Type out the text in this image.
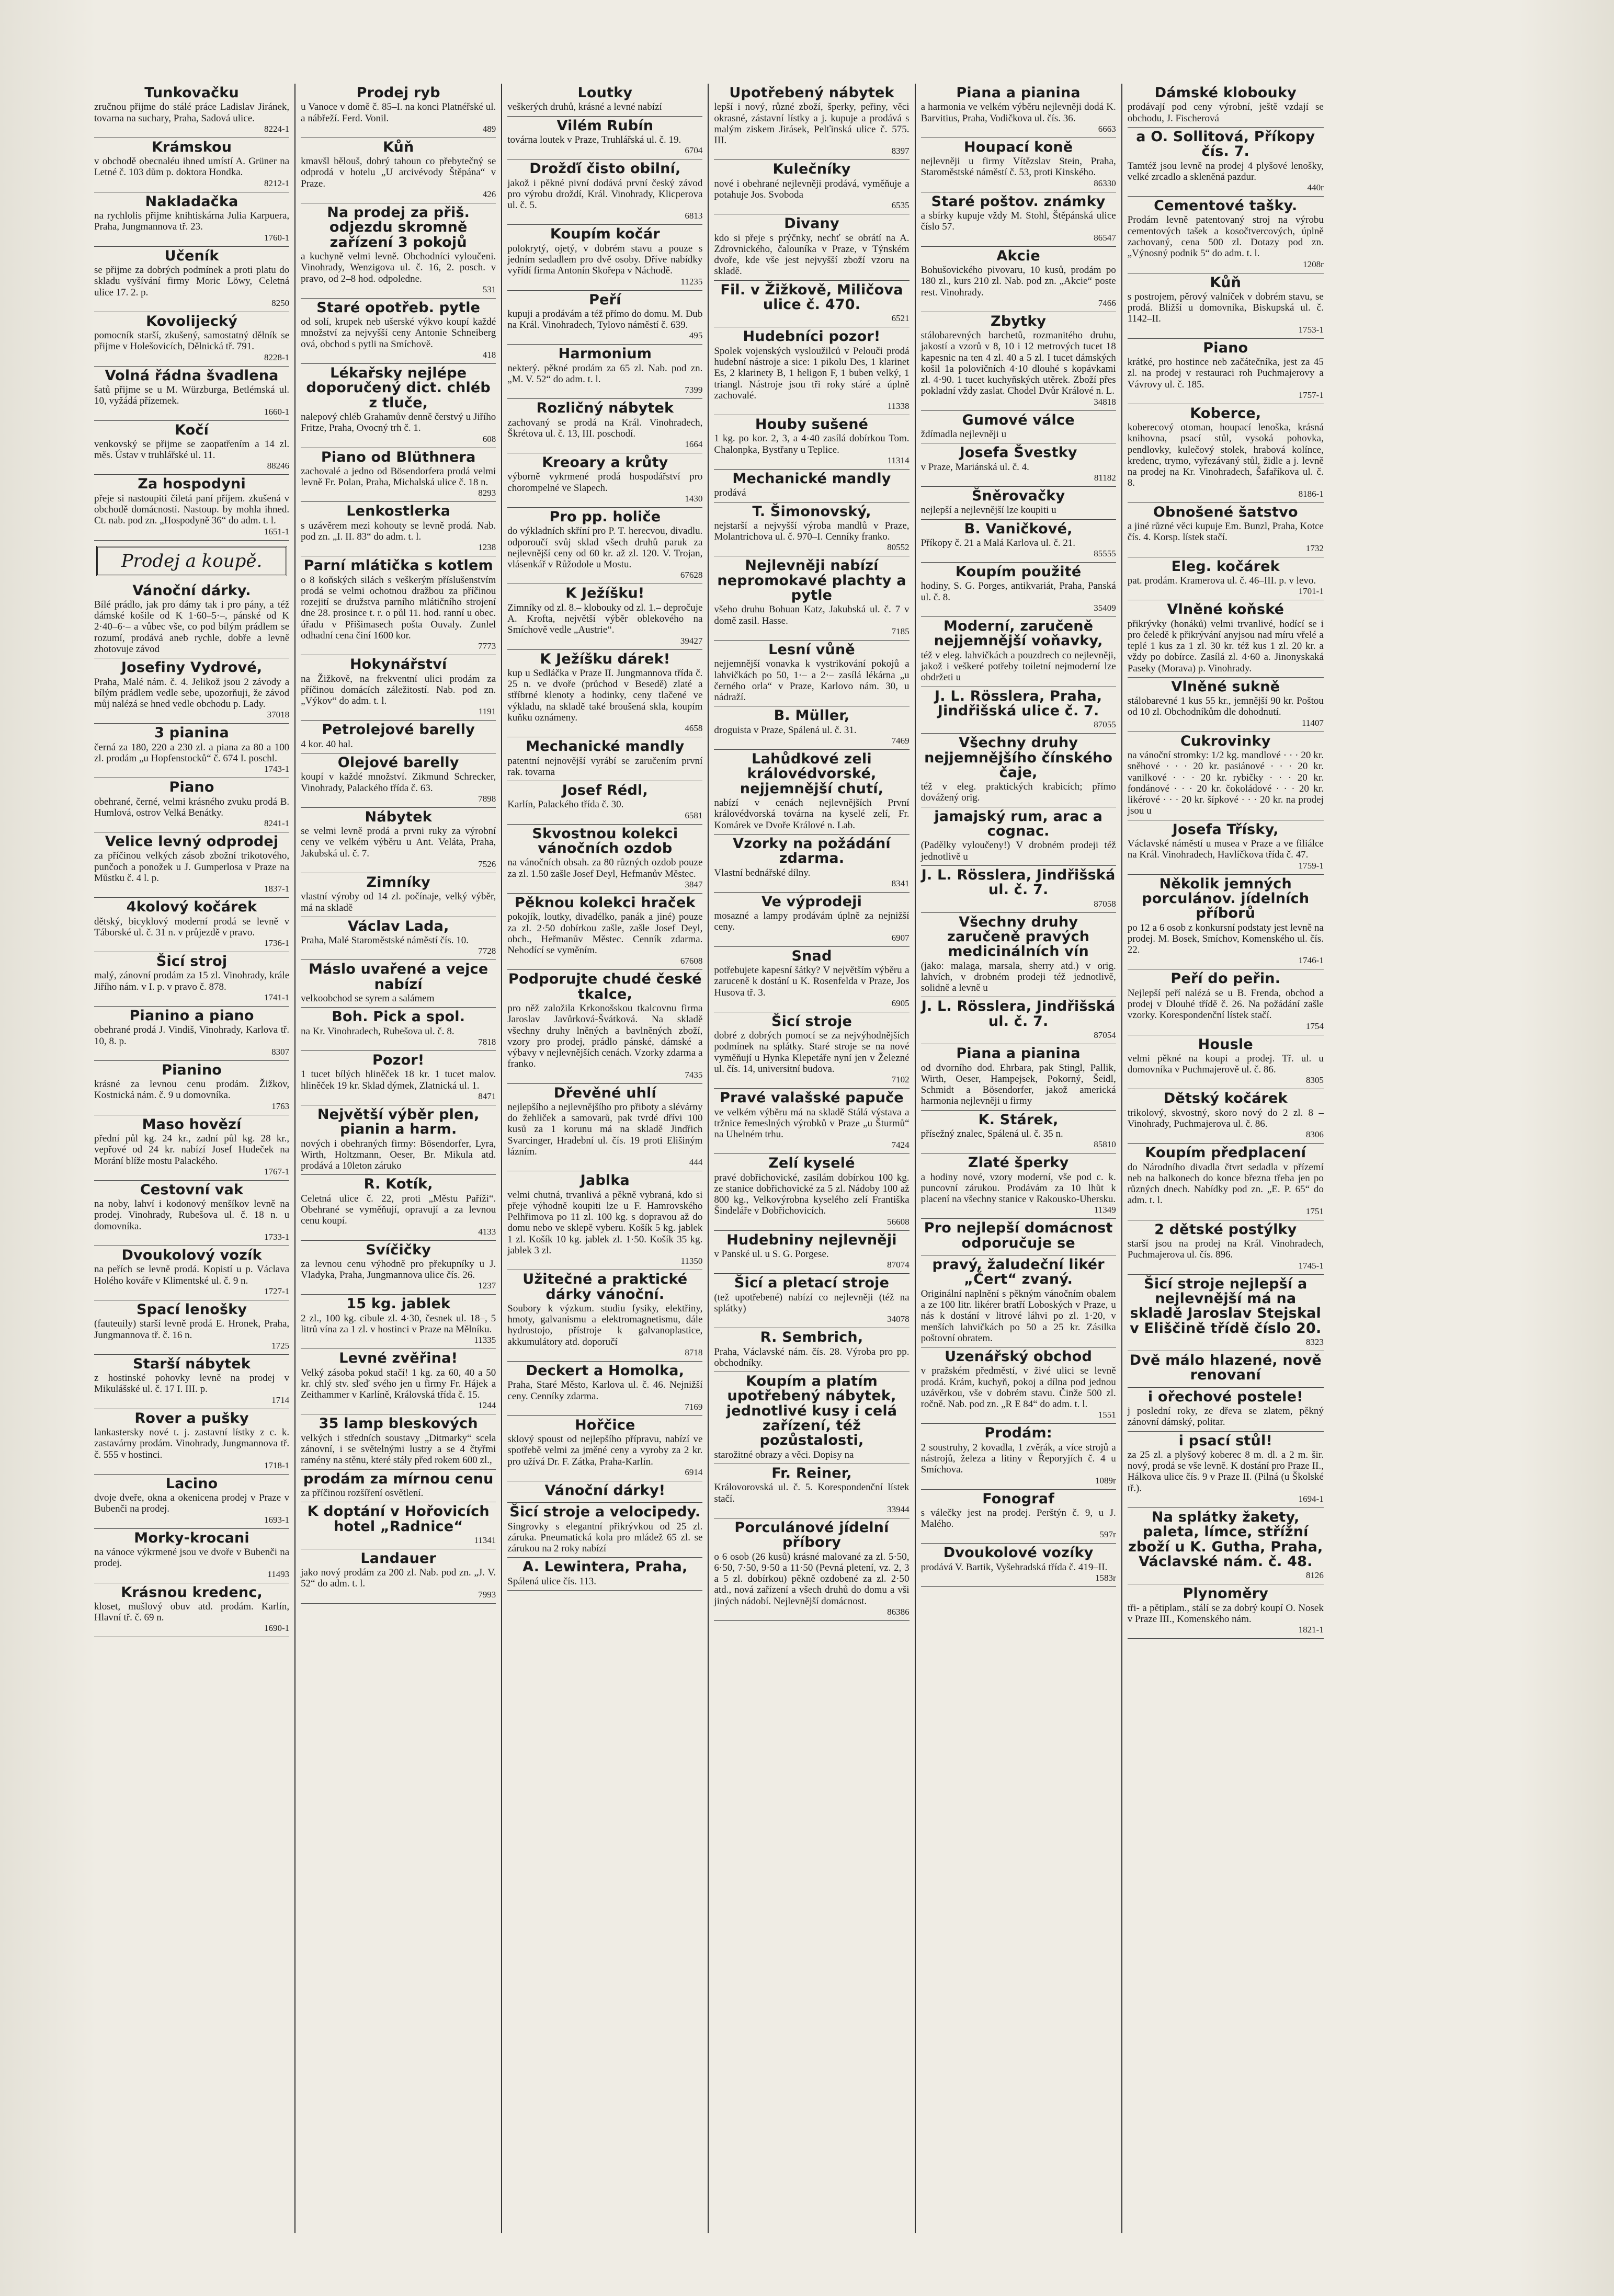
Tunkovačku

zručnou přijme do stálé práce Ladislav Jiránek, tovarna na suchary, Praha, Sadová ulice.

8224-1
Krámskou

v obchodě obecnaléu ihned umístí A. Grüner na Letné č. 103 dům p. doktora Hondka.

8212-1
Nakladačka

na rychlolis přijme knihtiskárna Julia Karpuera, Praha, Jungmannova tř. 23.

1760-1
Učeník

se přijme za dobrých podmínek a proti platu do skladu vyšívání firmy Moric Löwy, Celetná ulice 17. 2. p.

8250
Kovolijecký

pomocník starší, zkušený, samostatný dělník se přijme v Holešovicích, Dělnická tř. 791.

8228-1
Volná řádna švadlena

šatů přijme se u M. Würzburga, Betlémská ul. 10, vyžádá přízemek.

1660-1
Kočí

venkovský se přijme se zaopatřením a 14 zl. měs. Ústav v truhlářské ul. 11.

88246
Za hospodyni

přeje si nastoupiti čiletá paní příjem. zkušená v obchodě domácnosti. Nastoup. by mohla ihned. Ct. nab. pod zn. „Hospodyně 36“ do adm. t. l.

1651-1
Prodej a koupě.
Vánoční dárky.

Bílé prádlo, jak pro dámy tak i pro pány, a též dámské košile od K 1·60–5·–, pánské od K 2·40–6·– a vůbec vše, co pod bílým prádlem se rozumí, prodává aneb rychle, dobře a levně zhotovuje závod

Josefiny Vydrové,

Praha, Malé nám. č. 4. Jelikož jsou 2 závody a bílým prádlem vedle sebe, upozorňuji, že závod můj nalézá se hned vedle obchodu p. Lady.

37018
3 pianina

černá za 180, 220 a 230 zl. a piana za 80 a 100 zl. prodám „u Hopfenstocků“ č. 674 I. poschl.

1743-1
Piano

obehrané, černé, velmi krásného zvuku prodá B. Humlová, ostrov Velká Benátky.

8241-1
Velice levný odprodej

za příčinou velkých zásob zbožní trikotového, punčoch a ponožek u J. Gumperlosa v Praze na Můstku č. 4 l. p.

1837-1
4kolový kočárek

dětský, bicyklový moderní prodá se levně v Táborské ul. č. 31 n. v průjezdě v pravo.

1736-1
Šicí stroj

malý, zánovní prodám za 15 zl. Vinohrady, krále Jiřího nám. v I. p. v pravo č. 878.

1741-1
Pianino a piano

obehrané prodá J. Vindiš, Vinohrady, Karlova tř. 10, 8. p.

8307
Pianino

krásné za levnou cenu prodám. Žižkov, Kostnická nám. č. 9 u domovníka.

1763
Maso hovězí

přední půl kg. 24 kr., zadní půl kg. 28 kr., vepřové od 24 kr. nabízí Josef Hudeček na Morání blíže mostu Palackého.

1767-1
Cestovní vak

na noby, lahví i kodonový menšíkov levně na prodej. Vinohrady, Rubešova ul. č. 18 n. u domovníka.

1733-1
Dvoukolový vozík

na peřích se levně prodá. Kopistí u p. Václava Holého kováře v Klimentské ul. č. 9 n.

1727-1
Spací lenošky

(fauteuily) starší levně prodá E. Hronek, Praha, Jungmannova tř. č. 16 n.

1725
Starší nábytek

z hostinské pohovky levně na prodej v Mikulášské ul. č. 17 I. III. p.

1714
Rover a pušky

lankastersky nové t. j. zastavní lístky z c. k. zastavárny prodám. Vinohrady, Jungmannova tř. č. 555 v hostinci.

1718-1
Lacino

dvoje dveře, okna a okenicena prodej v Praze v Bubenči na prodej.

1693-1
Morky-krocani

na vánoce výkrmené jsou ve dvoře v Bubenči na prodej.

11493
Krásnou kredenc,

kloset, mušlový obuv atd. prodám. Karlín, Hlavní tř. č. 69 n.

1690-1
Prodej ryb

u Vanoce v domě č. 85–I. na konci Platnéřské ul. a nábřeží. Ferd. Vonil.

489
Kůň

kmavšl bělouš, dobrý tahoun co přebytečný se odprodá v hotelu „U arcivévody Štěpána“ v Praze.

426
Na prodej za přiš. odjezdu skromně zařízení 3 pokojů

a kuchyně velmi levně. Obchodníci vyloučeni. Vinohrady, Wenzigova ul. č. 16, 2. posch. v pravo, od 2–8 hod. odpoledne.

531
Staré opotřeb. pytle

od solí, krupek neb ušerské výkvo koupí každé množství za nejvyšší ceny Antonie Schneiberg ová, obchod s pytli na Smíchově.

418
Lékařsky nejlépe doporučený dict. chléb z tluče,

nalepový chléb Grahamův denně čerstvý u Jiřího Fritze, Praha, Ovocný trh č. 1.

608
Piano od Blüthnera

zachovalé a jedno od Bösendorfera prodá velmi levně Fr. Polan, Praha, Michalská ulice č. 18 n.

8293
Lenkostlerka

s uzávěrem mezi kohouty se levně prodá. Nab. pod zn. „I. II. 83“ do adm. t. l.

1238
Parní mlátička s kotlem

o 8 koňských silách s veškerým příslušenstvím prodá se velmi ochotnou dražbou za příčinou rozejití se družstva parního mlátičního strojení dne 28. prosince t. r. o půl 11. hod. ranní u obec. úřadu v Přišimasech pošta Ouvaly. Zunlel odhadní cena činí 1600 kor.

7773
Hokynářství

na Žižkově, na frekventní ulici prodám za příčinou domácích záležitostí. Nab. pod zn. „Výkov“ do adm. t. l.

1191
Petrolejové barelly

4 kor. 40 hal.

Olejové barelly

koupí v každé množství. Zikmund Schrecker, Vinohrady, Palackého třída č. 63.

7898
Nábytek

se velmi levně prodá a prvni ruky za výrobní ceny ve velkém výběru u Ant. Veláta, Praha, Jakubská ul. č. 7.

7526
Zimníky

vlastní výroby od 14 zl. počínaje, velký výběr, má na skladě

Václav Lada,

Praha, Malé Staroměstské náměstí čís. 10.

7728
Máslo uvařené a vejce nabízí

velkoobchod se syrem a salámem

Boh. Pick a spol.

na Kr. Vinohradech, Rubešova ul. č. 8.

7818
Pozor!

1 tucet bílých hliněček 18 kr. 1 tucet malov. hliněček 19 kr. Sklad dýmek, Zlatnická ul. 1.

8471
Největší výběr plen, pianin a harm.

nových i obehraných firmy: Bösendorfer, Lyra, Wirth, Holtzmann, Oeser, Br. Mikula atd. prodává a 10leton záruko

R. Kotík,

Celetná ulice č. 22, proti „Městu Paříži“. Obehrané se vyměňují, opravují a za levnou cenu koupí.

4133
Svíčičky

za levnou cenu výhodně pro překupníky u J. Vladyka, Praha, Jungmannova ulice čís. 26.

1237
15 kg. jablek

2 zl., 100 kg. cibule zl. 4·30, česnek ul. 18–, 5 litrů vína za 1 zl. v hostinci v Praze na Mělníku.

11335
Levné zvěřina!

Velký zásoba pokud stačí! 1 kg. za 60, 40 a 50 kr. chlý stv. sleď svého jen u firmy Fr. Hájek a Zeithammer v Karlíně, Královská třída č. 15.

1244
35 lamp bleskových

velkých i středních soustavy „Ditmarky“ scela zánovní, i se světelnými lustry a se 4 čtyřmi ramény na stěnu, které stály před rokem 600 zl.,

prodám za mírnou cenu

za příčinou rozšíření osvětlení.

K doptání v Hořovicích hotel „Radnice“

11341
Landauer

jako nový prodám za 200 zl. Nab. pod zn. „J. V. 52“ do adm. t. l.

7993
Loutky

veškerých druhů, krásné a levné nabízí

Vilém Rubín

továrna loutek v Praze, Truhlářská ul. č. 19.

6704
Drožďí čisto obilní,

jakož i pěkné pivní dodává první český závod pro výrobu droždí, Král. Vinohrady, Klicperova ul. č. 5.

6813
Koupím kočár

polokrytý, ojetý, v dobrém stavu a pouze s jedním sedadlem pro dvě osoby. Dříve nabídky vyřídí firma Antonín Skořepa v Náchodě.

11235
Peří

kupuji a prodávám a též přímo do domu. M. Dub na Král. Vinohradech, Tylovo náměstí č. 639.

495
Harmonium

nekterý. pěkné prodám za 65 zl. Nab. pod zn. „M. V. 52“ do adm. t. l.

7399
Rozličný nábytek

zachovaný se prodá na Král. Vinohradech, Škrétova ul. č. 13, III. poschodí.

1664
Kreoary a krůty

výborně vykrmené prodá hospodářství pro chorompelné ve Slapech.

1430
Pro pp. holiče

do výkladních skříní pro P. T. herecvou, divadlu. odporoučí svůj sklad všech druhů paruk za nejlevnější ceny od 60 kr. až zl. 120. V. Trojan, vlásenkář v Růžodole u Mostu.

67628
K Ježíšku!

Zimníky od zl. 8.– klobouky od zl. 1.– depročuje A. Krofta, největší výběr oblekového na Smíchově vedle „Austrie“.

39427
K Ježíšku dárek!

kup u Sedláčka v Praze II. Jungmannova třída č. 25 n. ve dvoře (průchod v Besedě) zlaté a stříbrné klenoty a hodinky, ceny tlačené ve výkladu, na skladě také broušená skla, koupím kuňku oznámeny.

4658
Mechanické mandly

patentní nejnovější vyrábí se zaručením první rak. tovarna

Josef Rédl,

Karlín, Palackého třída č. 30.

6581
Skvostnou kolekci vánočních ozdob

na vánočních obsah. za 80 různých ozdob pouze za zl. 1.50 zašle Josef Deyl, Hefmanův Městec.

3847
Pěknou kolekci hraček

pokojík, loutky, divadélko, panák a jiné) pouze za zl. 2·50 dobírkou zašle, zašle Josef Deyl, obch., Heřmanův Městec. Cenník zdarma. Nehodící se vyměním.

67608
Podporujte chudé české tkalce,

pro něž založila Krkonošskou tkalcovnu firma Jaroslav Javůrková-Švátková. Na skladě všechny druhy lněných a bavlněných zboží, vzory pro prodej, prádlo pánské, dámské a výbavy v nejlevnějších cenách. Vzorky zdarma a franko.

7435
Dřevěné uhlí

nejlepšího a nejlevnějšího pro přiboty a slévárny do žehliček a samovarů, pak tvrdé dřívi 100 kusů za 1 korunu má na skladě Jindřich Svarcinger, Hradební ul. čís. 19 proti Elišiným lázním.

444
Jablka

velmi chutná, trvanlivá a pěkně vybraná, kdo si přeje výhodně koupiti lze u F. Hamrovského Pelhřimova po 11 zl. 100 kg. s dopravou až do domu nebo ve sklepě vyberu. Košík 5 kg. jablek 1 zl. Košík 10 kg. jablek zl. 1·50. Košík 35 kg. jablek 3 zl.

11350
Užitečné a praktické dárky vánoční.

Soubory k výzkum. studiu fysiky, elektřiny, hmoty, galvanismu a elektromagnetismu, dále hydrostojo, přístroje k galvanoplastice, akkumulátory atd. doporučí

8718
Deckert a Homolka,

Praha, Staré Město, Karlova ul. č. 46. Nejnižší ceny. Cenníky zdarma.

7169
Hořčice

sklový spoust od nejlepšího přípravu, nabízí ve spotřebě velmi za jměné ceny a vyroby za 2 kr. pro užívá Dr. F. Zátka, Praha-Karlín.

6914
Vánoční dárky!

Šicí stroje a velocipedy.

Singrovky s elegantní přikrývkou od 25 zl. záruka. Pneumatická kola pro mládež 65 zl. se zárukou na 2 roky nabízí

A. Lewintera, Praha,

Spálená ulice čís. 113.

Upotřebený nábytek

lepší i nový, různé zboží, šperky, peřiny, věci okrasné, zástavní lístky a j. kupuje a prodává s malým ziskem Jirásek, Pelťinská ulice č. 575. III.

8397
Kulečníky

nové i obehrané nejlevněji prodává, vyměňuje a potahuje Jos. Svoboda

6535
Divany

kdo si přeje s prýčnky, nechť se obrátí na A. Zdrovnického, čalouníka v Praze, v Týnském dvoře, kde vše jest nejvyšší zboží vzoru na skladě.

Fil. v Žižkově, Miličova ulice č. 470.

6521
Hudebníci pozor!

Spolek vojenských vysloužilců v Pelouči prodá hudební nástroje a sice: 1 pikolu Des, 1 klarinet Es, 2 klarinety B, 1 heligon F, 1 buben velký, 1 triangl. Nástroje jsou tři roky stáré a úplně zachovalé.

11338
Houby sušené

1 kg. po kor. 2, 3, a 4·40 zasílá dobírkou Tom. Chalonpka, Bystřany u Teplice.

11314
Mechanické mandly

prodává

T. Šimonovský,

nejstarší a nejvyšší výroba mandlů v Praze, Molantrichova ul. č. 970–I. Cenníky franko.

80552
Nejlevněji nabízí nepromokavé plachty a pytle

všeho druhu Bohuan Katz, Jakubská ul. č. 7 v domě zasil. Hasse.

7185
Lesní vůně

nejjemnější vonavka k vystrikování pokojů a lahvičkách po 50, 1·– a 2·– zasílá lékárna „u černého orla“ v Praze, Karlovo nám. 30, u nádraží.

B. Müller,

droguista v Praze, Spálená ul. č. 31.

7469
Lahůdkové zeli královédvorské, nejjemnější chutí,

nabízí v cenách nejlevnějších První královédvorská továrna na kyselé zelí, Fr. Komárek ve Dvoře Králové n. Lab.

Vzorky na požádání zdarma.

Vlastní bednářské dílny.

8341
Ve výprodeji

mosazné a lampy prodávám úplně za nejnižší ceny.

6907
Snad

potřebujete kapesní šátky? V největším výběru a zaruceně k dostání u K. Rosenfelda v Praze, Jos Husova tř. 3.

6905
Šicí stroje

dobré z dobrých pomocí se za nejvýhodnějších podmínek na splátky. Staré stroje se na nové vyměňují u Hynka Klepetáře nyní jen v Železné ul. čís. 14, universitní budova.

7102
Pravé valašské papuče

ve velkém výběru má na skladě Stálá výstava a tržnice řemeslných výrobků v Praze „u Šturmů“ na Uhelném trhu.

7424
Zelí kyselé

pravé dobřichovické, zasílám dobírkou 100 kg. ze stanice dobřichovické za 5 zl. Nádoby 100 až 800 kg., Velkovýrobna kyselého zelí Františka Šindeláře v Dobřichovicích.

56608
Hudebniny nejlevněji

v Panské ul. u S. G. Porgese.

87074
Šicí a pletací stroje

(tež upotřebené) nabízí co nejlevněji (též na splátky)

34078
R. Sembrich,

Praha, Václavské nám. čís. 28. Výroba pro pp. obchodníky.

Koupím a platím upotřebený nábytek, jednotlivé kusy i celá zařízení, též pozůstalosti,

starožitné obrazy a věci. Dopisy na

Fr. Reiner,

Královorovská ul. č. 5. Korespondenční lístek stačí.

33944
Porculánové jídelní příbory

o 6 osob (26 kusů) krásné malované za zl. 5·50, 6·50, 7·50, 9·50 a 11·50 (Pevná pletení, vz. 2, 3 a 5 zl. dobírkou) pěkně ozdobené za zl. 2·50 atd., nová zařízení a všech druhů do domu a vši jiných nádobí. Nejlevnější domácnost.

86386
Piana a pianina

a harmonia ve velkém výběru nejlevněji dodá K. Barvitius, Praha, Vodičkova ul. čís. 36.

6663
Houpací koně

nejlevněji u firmy Vítězslav Stein, Praha, Staroměstské náměstí č. 53, proti Kinského.

86330
Staré poštov. známky

a sbírky kupuje vždy M. Stohl, Štěpánská ulice číslo 57.

86547
Akcie

Bohušovického pivovaru, 10 kusů, prodám po 180 zl., kurs 210 zl. Nab. pod zn. „Akcie“ poste rest. Vinohrady.

7466
Zbytky

stálobarevných barchetů, rozmanitého druhu, jakostí a vzorů v 8, 10 i 12 metrových tucet 18 kapesnic na ten 4 zl. 40 a 5 zl. I tucet dámských košil 1a polovičních 4·10 dlouhé s kopávkami zl. 4·90. 1 tucet kuchyňských utěrek. Zboží přes pokladní vždy zaslat. Chodel Dvůr Králové n. L.

34818
Gumové válce

ždímadla nejlevněji u

Josefa Švestky

v Praze, Mariánská ul. č. 4.

81182
Šněrovačky

nejlepší a nejlevnější lze koupiti u

B. Vaničkové,

Příkopy č. 21 a Malá Karlova ul. č. 21.

85555
Koupím použité

hodiny, S. G. Porges, antikvariát, Praha, Panská ul. č. 8.

35409
Moderní, zaručeně nejjemnější voňavky,

též v eleg. lahvičkách a pouzdrech co nejlevněji, jakož i veškeré potřeby toiletní nejmoderní lze obdržeti u

J. L. Rösslera, Praha, Jindřišská ulice č. 7.

87055
Všechny druhy nejjemnějšího čínského čaje,

též v eleg. praktických krabicích; přímo dovážený orig.

jamajský rum, arac a cognac.

(Padělky vyloučeny!) V drobném prodeji též jednotlivě u

J. L. Rösslera, Jindřišská ul. č. 7.

87058
Všechny druhy zaručeně pravých medicinálních vín

(jako: malaga, marsala, sherry atd.) v orig. lahvích, v drobném prodeji též jednotlivě, solidně a levně u

J. L. Rösslera, Jindřišská ul. č. 7.

87054
Piana a pianina

od dvorního dod. Ehrbara, pak Stingl, Pallik, Wirth, Oeser, Hampejsek, Pokorný, Šeidl, Schmidt a Bösendorfer, jakož americká harmonia nejlevněji u firmy

K. Stárek,

přísežný znalec, Spálená ul. č. 35 n.

85810
Zlaté šperky

a hodiny nové, vzory moderní, vše pod c. k. puncovní zárukou. Prodávám za 10 lhůt k placení na všechny stanice v Rakousko-Uhersku.

11349
Pro nejlepší domácnost odporučuje se

pravý, žaludeční likér „Čert“ zvaný.

Originální naplnění s pěkným vánočním obalem a ze 100 litr. likérer bratří Loboských v Praze, u nás k dostání v litrové láhvi po zl. 1·20, v menších lahvičkách po 50 a 25 kr. Zásilka poštovní obratem.

Uzenářský obchod

v pražském předměstí, v živé ulici se levně prodá. Krám, kuchyň, pokoj a dílna pod jednou uzávěrkou, vše v dobrém stavu. Činže 500 zl. ročně. Nab. pod zn. „R E 84“ do adm. t. l.

1551
Prodám:

2 soustruhy, 2 kovadla, 1 zvěrák, a více strojů a nástrojů, železa a litiny v Řeporyjích č. 4 u Smíchova.

1089r
Fonograf

s válečky jest na prodej. Perštýn č. 9, u J. Malého.

597r
Dvoukolové vozíky

prodává V. Bartik, Vyšehradská třída č. 419–II.

1583r
Dámské klobouky

prodávají pod ceny výrobní, ještě vzdají se obchodu, J. Fischerová

a O. Sollitová, Příkopy čís. 7.

Tamtéž jsou levně na prodej 4 plyšové lenošky, velké zrcadlo a skleněná pazdur.

440r
Cementové tašky.

Prodám levně patentovaný stroj na výrobu cementových tašek a kosočtvercových, úplně zachovaný, cena 500 zl. Dotazy pod zn. „Výnosný podnik 5“ do adm. t. l.

1208r
Kůň

s postrojem, pěrový valníček v dobrém stavu, se prodá. Bližší u domovníka, Biskupská ul. č. 1142–II.

1753-1
Piano

krátké, pro hostince neb začátečníka, jest za 45 zl. na prodej v restauraci roh Puchmajerovy a Vávrovy ul. č. 185.

1757-1
Koberce,

koberecový otoman, houpací lenoška, krásná knihovna, psací stůl, vysoká pohovka, pendlovky, kulečový stolek, hrabová kolínce, kredenc, trymo, vyřezávaný stůl, židle a j. levně na prodej na Kr. Vinohradech, Šafaříkova ul. č. 8.

8186-1
Obnošené šatstvo

a jiné různé věci kupuje Em. Bunzl, Praha, Kotce čís. 4. Korsp. lístek stačí.

1732
Eleg. kočárek

pat. prodám. Kramerova ul. č. 46–III. p. v levo.

1701-1
Vlněné koňské

přikrývky (honáků) velmi trvanlivé, hodící se i pro čeledě k přikrývání anyjsou nad míru vřelé a teplé 1 kus za 1 zl. 30 kr. též kus 1 zl. 20 kr. a vždy po dobírce. Zasílá zl. 4·60 a. Jinonyskaká Paseky (Morava) p. Vinohrady.

Vlněné sukně

stálobarevné 1 kus 55 kr., jemnější 90 kr. Poštou od 10 zl. Obchodníkům dle dohodnutí.

11407
Cukrovinky

na vánoční stromky: 1/2 kg. mandlové · · · 20 kr. sněhové · · · 20 kr. pasiánové · · · 20 kr. vanilkové · · · 20 kr. rybičky · · · 20 kr. fondánové · · · 20 kr. čokoládové · · · 20 kr. likérové · · · 20 kr. šípkové · · · 20 kr. na prodej jsou u

Josefa Třísky,

Václavské náměstí u musea v Praze a ve filiálce na Král. Vinohradech, Havlíčkova třída č. 47.

1759-1
Několik jemných porculánov. jídelních příborů

po 12 a 6 osob z konkursní podstaty jest levně na prodej. M. Bosek, Smíchov, Komenského ul. čís. 22.

1746-1
Peří do peřin.

Nejlepší peří nalézá se u B. Frenda, obchod a prodej v Dlouhé třídě č. 26. Na požádání zašle vzorky. Korespondenční lístek stačí.

1754
Housle

velmi pěkné na koupi a prodej. Tř. ul. u domovníka v Puchmajerově ul. č. 86.

8305
Dětský kočárek

trikolový, skvostný, skoro nový do 2 zl. 8 – Vinohrady, Puchmajerova ul. č. 86.

8306
Koupím předplacení

do Národního divadla čtvrt sedadla v přízemí neb na balkonech do konce března třeba jen po různých dnech. Nabídky pod zn. „E. P. 65“ do adm. t. l.

1751
2 dětské postýlky

starší jsou na prodej na Král. Vinohradech, Puchmajerova ul. čís. 896.

1745-1
Šicí stroje nejlepší a nejlevnější má na skladě Jaroslav Stejskal v Eliščině třídě číslo 20.

8323
Dvě málo hlazené, nově renovaní

i ořechové postele!

j poslední roky, ze dřeva se zlatem, pěkný zánovní dámský, politar.

i psací stůl!

za 25 zl. a plyšový koberec 8 m. dl. a 2 m. šir. nový, prodá se vše levně. K dostání pro Praze II., Hálkova ulice čís. 9 v Praze II. (Pilná (u Školské tř.).

1694-1
Na splátky žakety, paleta, límce, střížní zboží u K. Gutha, Praha, Václavské nám. č. 48.

8126
Plynoměry

tři- a pětiplam., stálí se za dobrý koupí O. Nosek v Praze III., Komenského nám.

1821-1
